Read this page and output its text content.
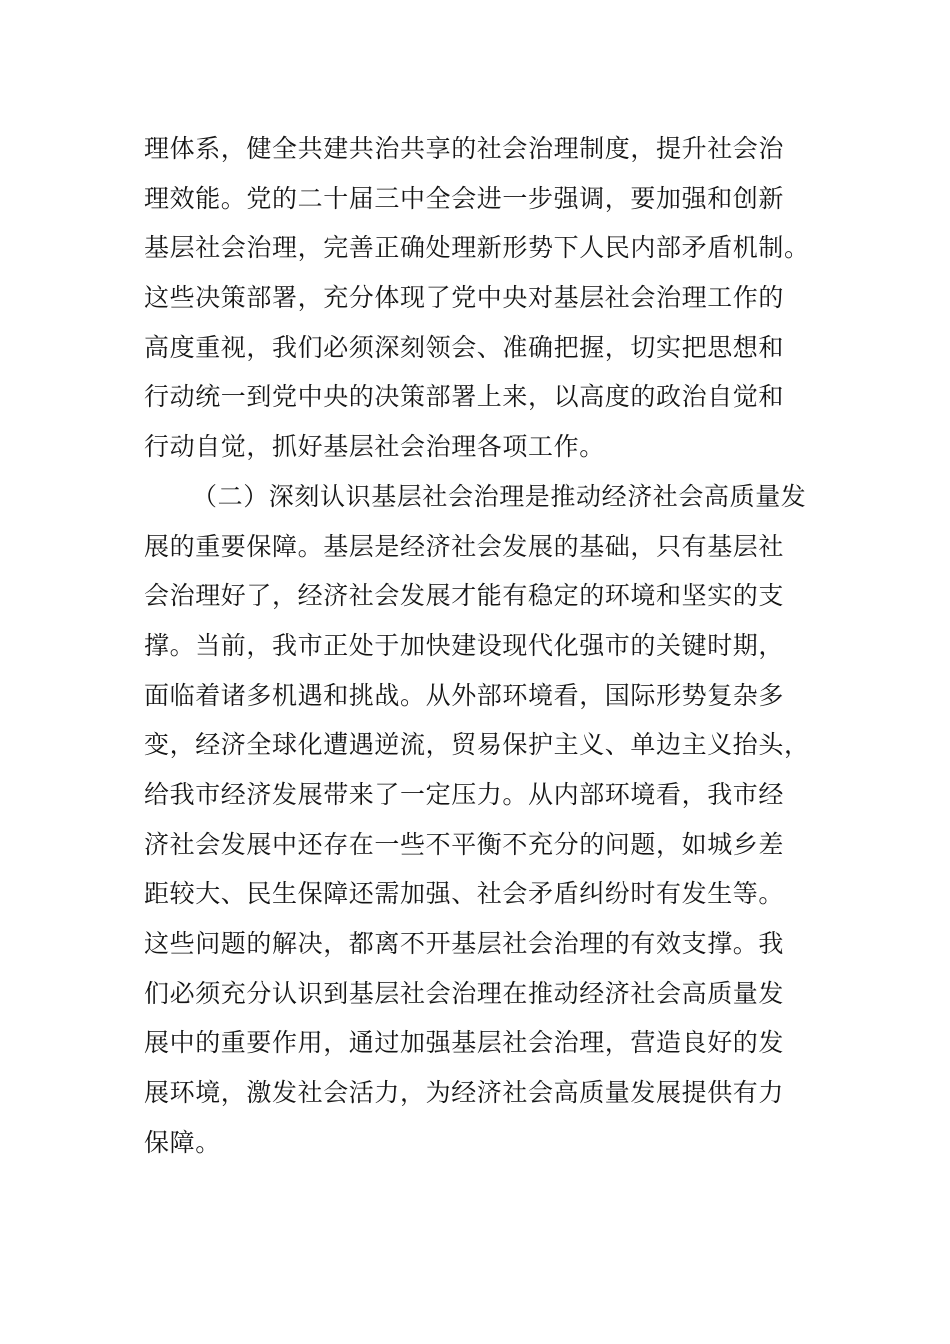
理体系，健全共建共治共享的社会治理制度，提升社会治
理效能。党的二十届三中全会进一步强调，要加强和创新
基层社会治理，完善正确处理新形势下人民内部矛盾机制。
这些决策部署，充分体现了党中央对基层社会治理工作的
高度重视，我们必须深刻领会、准确把握，切实把思想和
行动统一到党中央的决策部署上来，以高度的政治自觉和
行动自觉，抓好基层社会治理各项工作。
（二）深刻认识基层社会治理是推动经济社会高质量发
展的重要保障。基层是经济社会发展的基础，只有基层社
会治理好了，经济社会发展才能有稳定的环境和坚实的支
撑。当前，我市正处于加快建设现代化强市的关键时期，
面临着诸多机遇和挑战。从外部环境看，国际形势复杂多
变，经济全球化遭遇逆流，贸易保护主义、单边主义抬头，
给我市经济发展带来了一定压力。从内部环境看，我市经
济社会发展中还存在一些不平衡不充分的问题，如城乡差
距较大、民生保障还需加强、社会矛盾纠纷时有发生等。
这些问题的解决，都离不开基层社会治理的有效支撑。我
们必须充分认识到基层社会治理在推动经济社会高质量发
展中的重要作用，通过加强基层社会治理，营造良好的发
展环境，激发社会活力，为经济社会高质量发展提供有力
保障。
